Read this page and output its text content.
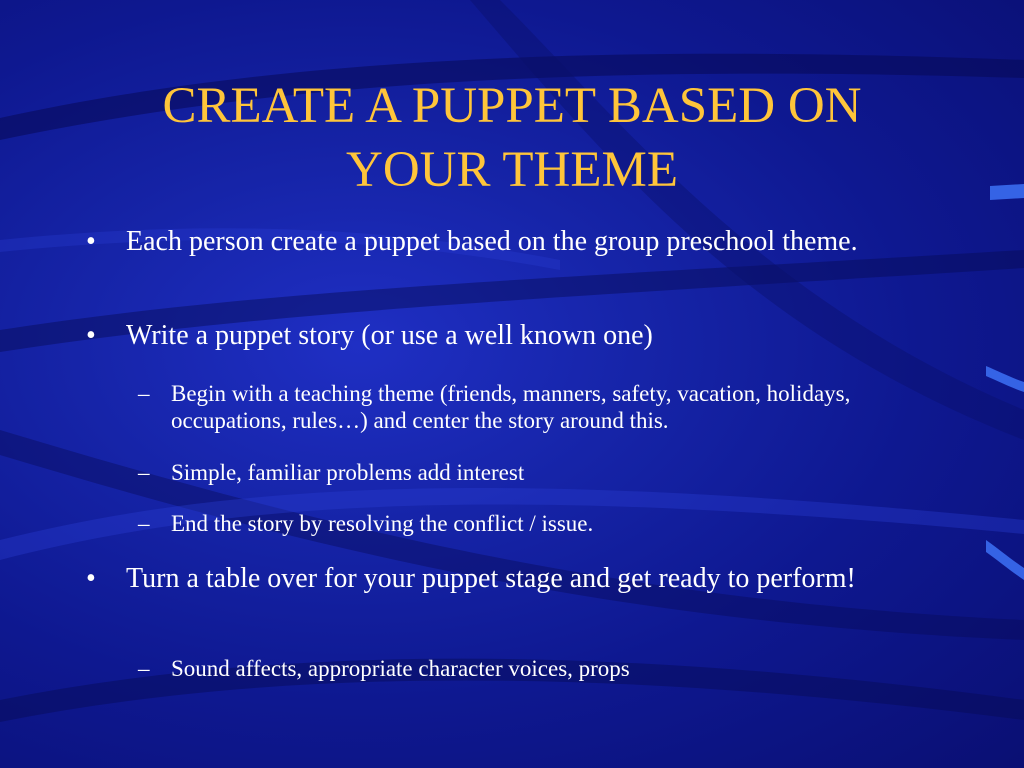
CREATE A PUPPET BASED ON
YOUR THEME
• Each person create a puppet based on the group preschool theme.
• Write a puppet story (or use a well known one)
– Begin with a teaching theme (friends, manners, safety, vacation, holidays, occupations, rules…) and center the story around this.
– Simple, familiar problems add interest
– End the story by resolving the conflict / issue.
• Turn a table over for your puppet stage and get ready to perform!
– Sound affects, appropriate character voices, props
